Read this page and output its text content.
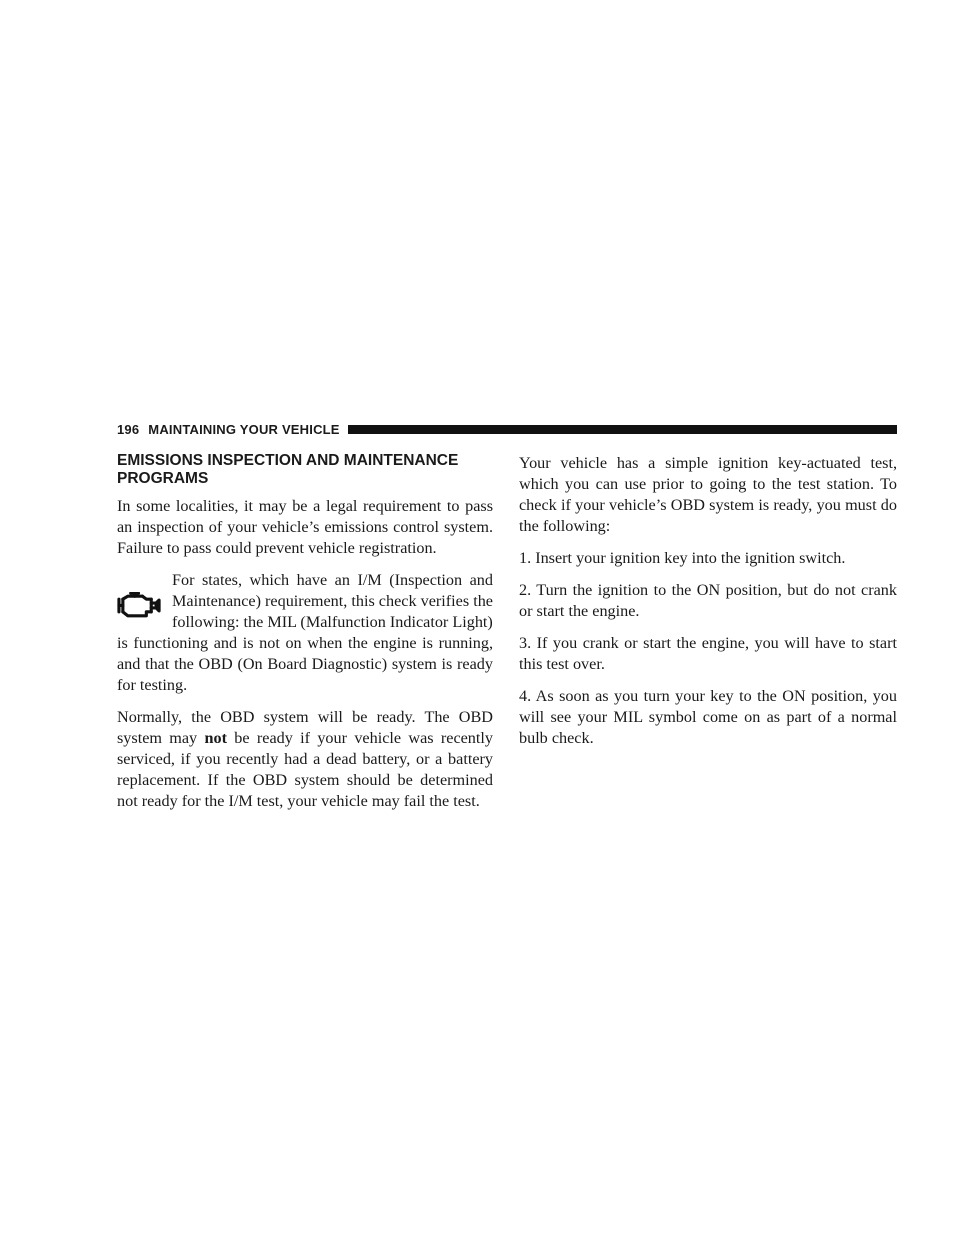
196 MAINTAINING YOUR VEHICLE
EMISSIONS INSPECTION AND MAINTENANCE PROGRAMS

In some localities, it may be a legal requirement to pass an inspection of your vehicle’s emissions control system. Failure to pass could prevent vehicle registration.

For states, which have an I/M (Inspection and Maintenance) requirement, this check verifies the following: the MIL (Malfunction Indicator Light)
is functioning and is not on when the engine is running, and that the OBD (On Board Diagnostic) system is ready for testing.

Normally, the OBD system will be ready. The OBD system may not be ready if your vehicle was recently serviced, if you recently had a dead battery, or a battery replacement. If the OBD system should be determined not ready for the I/M test, your vehicle may fail the test.

Your vehicle has a simple ignition key-actuated test, which you can use prior to going to the test station. To check if your vehicle’s OBD system is ready, you must do the following:

1. Insert your ignition key into the ignition switch.

2. Turn the ignition to the ON position, but do not crank or start the engine.

3. If you crank or start the engine, you will have to start this test over.

4. As soon as you turn your key to the ON position, you will see your MIL symbol come on as part of a normal bulb check.
